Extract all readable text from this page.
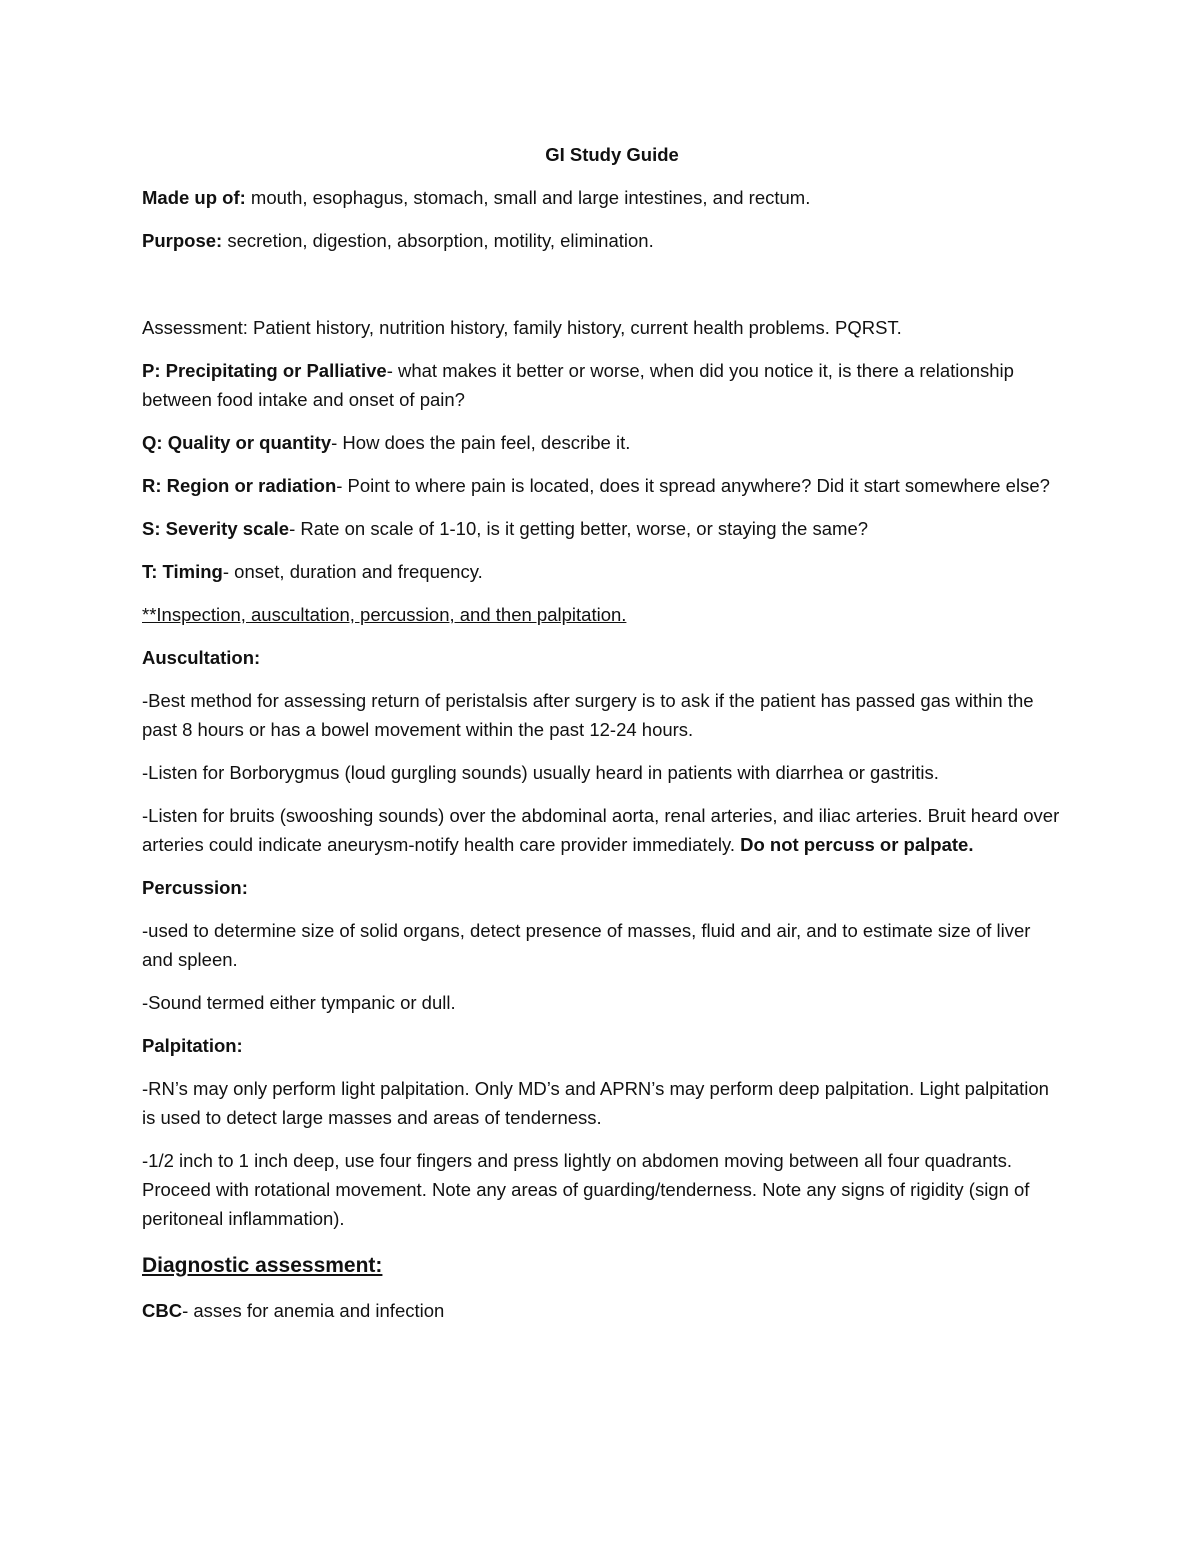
GI Study Guide

Made up of: mouth, esophagus, stomach, small and large intestines, and rectum.

Purpose: secretion, digestion, absorption, motility, elimination.

Assessment: Patient history, nutrition history, family history, current health problems. PQRST.

P: Precipitating or Palliative- what makes it better or worse, when did you notice it, is there a relationship between food intake and onset of pain?

Q: Quality or quantity- How does the pain feel, describe it.

R: Region or radiation- Point to where pain is located, does it spread anywhere? Did it start somewhere else?

S: Severity scale- Rate on scale of 1-10, is it getting better, worse, or staying the same?

T: Timing- onset, duration and frequency.

**Inspection, auscultation, percussion, and then palpitation.

Auscultation:

-Best method for assessing return of peristalsis after surgery is to ask if the patient has passed gas within the past 8 hours or has a bowel movement within the past 12-24 hours.

-Listen for Borborygmus (loud gurgling sounds) usually heard in patients with diarrhea or gastritis.

-Listen for bruits (swooshing sounds) over the abdominal aorta, renal arteries, and iliac arteries. Bruit heard over arteries could indicate aneurysm-notify health care provider immediately. Do not percuss or palpate.

Percussion:

-used to determine size of solid organs, detect presence of masses, fluid and air, and to estimate size of liver and spleen.

-Sound termed either tympanic or dull.

Palpitation:

-RN’s may only perform light palpitation. Only MD’s and APRN’s may perform deep palpitation. Light palpitation is used to detect large masses and areas of tenderness.

-1/2 inch to 1 inch deep, use four fingers and press lightly on abdomen moving between all four quadrants. Proceed with rotational movement. Note any areas of guarding/tenderness. Note any signs of rigidity (sign of peritoneal inflammation).

Diagnostic assessment:

CBC- asses for anemia and infection
